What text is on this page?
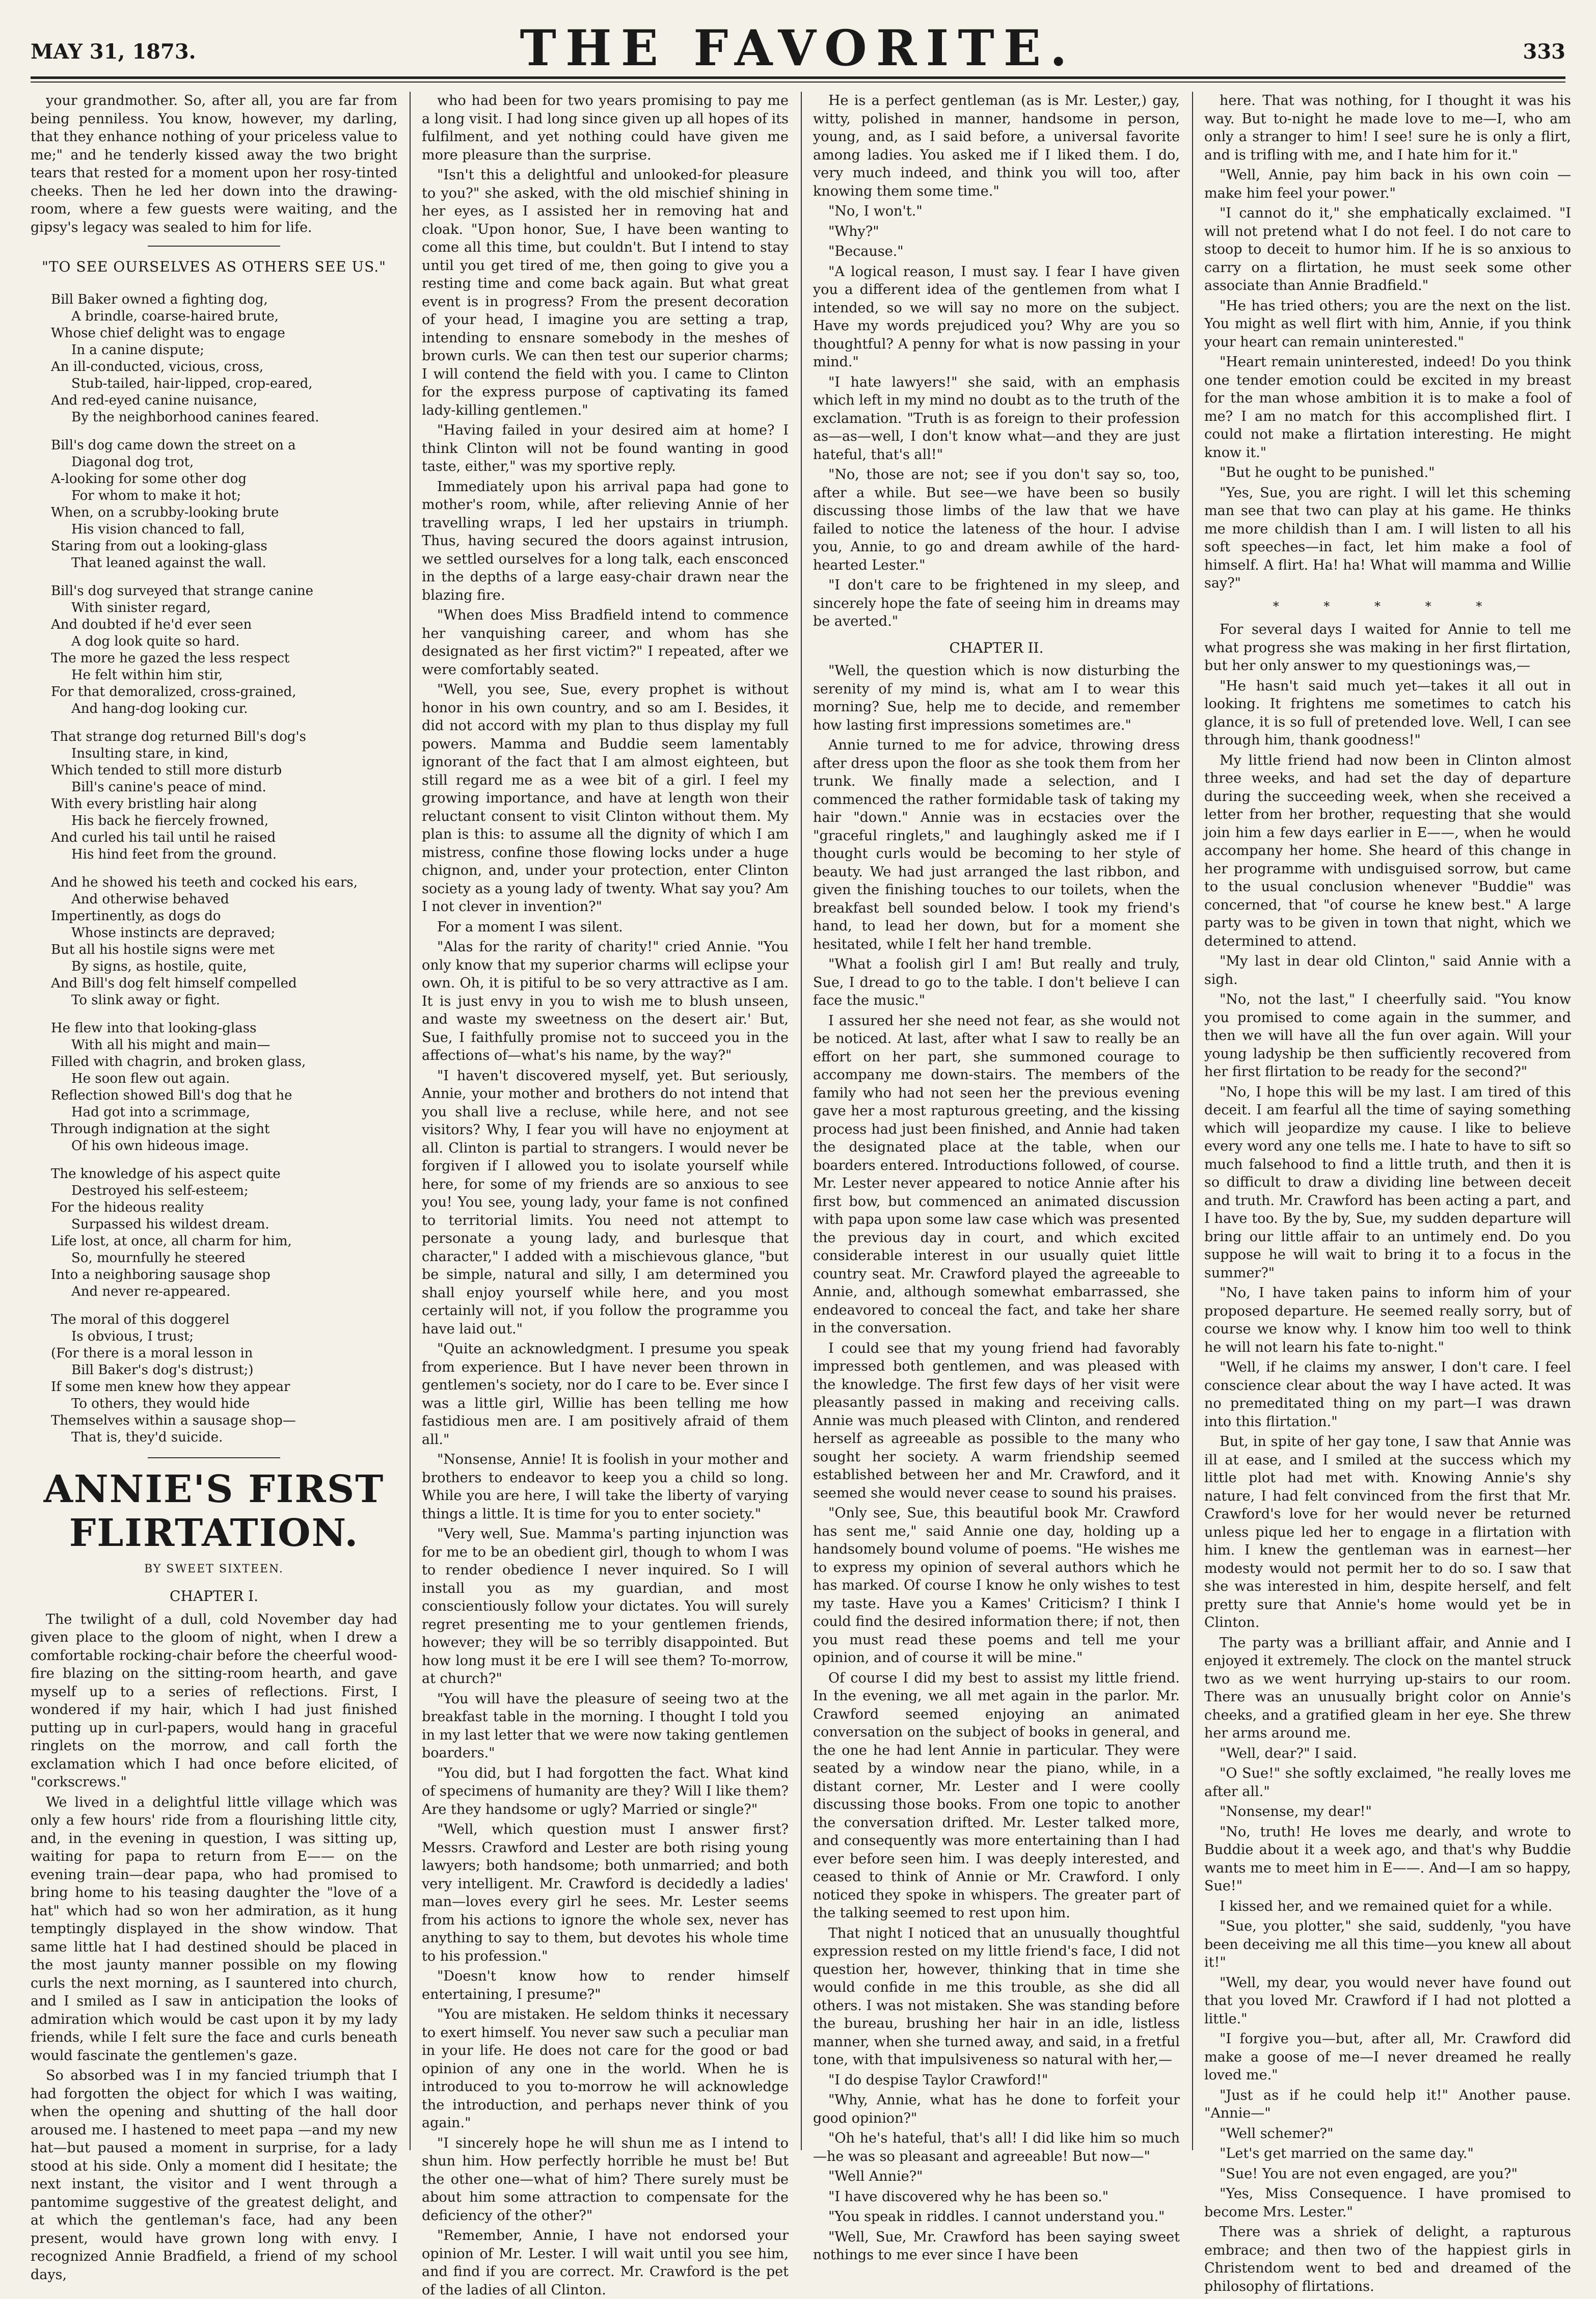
MAY 31, 1873.	THE FAVORITE.	333

your grandmother. So, after all, you are far from being penniless. You know, however, my darling, that they enhance nothing of your priceless value to me;" and he tenderly kissed away the two bright tears that rested for a moment upon her rosy-tinted cheeks. Then he led her down into the drawing-room, where a few guests were waiting, and the gipsy's legacy was sealed to him for life.

"TO SEE OURSELVES AS OTHERS SEE US."
Bill Baker owned a fighting dog,
A brindle, coarse-haired brute,
Whose chief delight was to engage
In a canine dispute;
An ill-conducted, vicious, cross,
Stub-tailed, hair-lipped, crop-eared,
And red-eyed canine nuisance,
By the neighborhood canines feared.
Bill's dog came down the street on a
Diagonal dog trot,
A-looking for some other dog
For whom to make it hot;
When, on a scrubby-looking brute
His vision chanced to fall,
Staring from out a looking-glass
That leaned against the wall.
Bill's dog surveyed that strange canine
With sinister regard,
And doubted if he'd ever seen
A dog look quite so hard.
The more he gazed the less respect
He felt within him stir,
For that demoralized, cross-grained,
And hang-dog looking cur.
That strange dog returned Bill's dog's
Insulting stare, in kind,
Which tended to still more disturb
Bill's canine's peace of mind.
With every bristling hair along
His back he fiercely frowned,
And curled his tail until he raised
His hind feet from the ground.
And he showed his teeth and cocked his ears,
And otherwise behaved
Impertinently, as dogs do
Whose instincts are depraved;
But all his hostile signs were met
By signs, as hostile, quite,
And Bill's dog felt himself compelled
To slink away or fight.
He flew into that looking-glass
With all his might and main—
Filled with chagrin, and broken glass,
He soon flew out again.
Reflection showed Bill's dog that he
Had got into a scrimmage,
Through indignation at the sight
Of his own hideous image.
The knowledge of his aspect quite
Destroyed his self-esteem;
For the hideous reality
Surpassed his wildest dream.
Life lost, at once, all charm for him,
So, mournfully he steered
Into a neighboring sausage shop
And never re-appeared.
The moral of this doggerel
Is obvious, I trust;
(For there is a moral lesson in
Bill Baker's dog's distrust;)
If some men knew how they appear
To others, they would hide
Themselves within a sausage shop—
That is, they'd suicide.
ANNIE'S FIRST FLIRTATION.
BY SWEET SIXTEEN.
CHAPTER I.

The twilight of a dull, cold November day had given place to the gloom of night, when I drew a comfortable rocking-chair before the cheerful wood-fire blazing on the sitting-room hearth, and gave myself up to a series of reflections. First, I wondered if my hair, which I had just finished putting up in curl-papers, would hang in graceful ringlets on the morrow, and call forth the exclamation which I had once before elicited, of "corkscrews."

We lived in a delightful little village which was only a few hours' ride from a flourishing little city, and, in the evening in question, I was sitting up, waiting for papa to return from E—— on the evening train—dear papa, who had promised to bring home to his teasing daughter the "love of a hat" which had so won her admiration, as it hung temptingly displayed in the show window. That same little hat I had destined should be placed in the most jaunty manner possible on my flowing curls the next morning, as I sauntered into church, and I smiled as I saw in anticipation the looks of admiration which would be cast upon it by my lady friends, while I felt sure the face and curls beneath would fascinate the gentlemen's gaze.

So absorbed was I in my fancied triumph that I had forgotten the object for which I was waiting, when the opening and shutting of the hall door aroused me. I hastened to meet papa —and my new hat—but paused a moment in surprise, for a lady stood at his side. Only a moment did I hesitate; the next instant, the visitor and I went through a pantomime suggestive of the greatest delight, and at which the gentleman's face, had any been present, would have grown long with envy. I recognized Annie Bradfield, a friend of my school days,

who had been for two years promising to pay me a long visit. I had long since given up all hopes of its fulfilment, and yet nothing could have given me more pleasure than the surprise.

"Isn't this a delightful and unlooked-for pleasure to you?" she asked, with the old mischief shining in her eyes, as I assisted her in removing hat and cloak. "Upon honor, Sue, I have been wanting to come all this time, but couldn't. But I intend to stay until you get tired of me, then going to give you a resting time and come back again. But what great event is in progress? From the present decoration of your head, I imagine you are setting a trap, intending to ensnare somebody in the meshes of brown curls. We can then test our superior charms; I will contend the field with you. I came to Clinton for the express purpose of captivating its famed lady-killing gentlemen."

"Having failed in your desired aim at home? I think Clinton will not be found wanting in good taste, either," was my sportive reply.

Immediately upon his arrival papa had gone to mother's room, while, after relieving Annie of her travelling wraps, I led her upstairs in triumph. Thus, having secured the doors against intrusion, we settled ourselves for a long talk, each ensconced in the depths of a large easy-chair drawn near the blazing fire.

"When does Miss Bradfield intend to commence her vanquishing career, and whom has she designated as her first victim?" I repeated, after we were comfortably seated.

"Well, you see, Sue, every prophet is without honor in his own country, and so am I. Besides, it did not accord with my plan to thus display my full powers. Mamma and Buddie seem lamentably ignorant of the fact that I am almost eighteen, but still regard me as a wee bit of a girl. I feel my growing importance, and have at length won their reluctant consent to visit Clinton without them. My plan is this: to assume all the dignity of which I am mistress, confine those flowing locks under a huge chignon, and, under your protection, enter Clinton society as a young lady of twenty. What say you? Am I not clever in invention?"

For a moment I was silent.

"Alas for the rarity of charity!" cried Annie. "You only know that my superior charms will eclipse your own. Oh, it is pitiful to be so very attractive as I am. It is just envy in you to wish me to blush unseen, and waste my sweetness on the desert air.' But, Sue, I faithfully promise not to succeed you in the affections of—what's his name, by the way?"

"I haven't discovered myself, yet. But seriously, Annie, your mother and brothers do not intend that you shall live a recluse, while here, and not see visitors? Why, I fear you will have no enjoyment at all. Clinton is partial to strangers. I would never be forgiven if I allowed you to isolate yourself while here, for some of my friends are so anxious to see you! You see, young lady, your fame is not confined to territorial limits. You need not attempt to personate a young lady, and burlesque that character," I added with a mischievous glance, "but be simple, natural and silly, I am determined you shall enjoy yourself while here, and you most certainly will not, if you follow the programme you have laid out."

"Quite an acknowledgment. I presume you speak from experience. But I have never been thrown in gentlemen's society, nor do I care to be. Ever since I was a little girl, Willie has been telling me how fastidious men are. I am positively afraid of them all."

"Nonsense, Annie! It is foolish in your mother and brothers to endeavor to keep you a child so long. While you are here, I will take the liberty of varying things a little. It is time for you to enter society."

"Very well, Sue. Mamma's parting injunction was for me to be an obedient girl, though to whom I was to render obedience I never inquired. So I will install you as my guardian, and most conscientiously follow your dictates. You will surely regret presenting me to your gentlemen friends, however; they will be so terribly disappointed. But how long must it be ere I will see them? To-morrow, at church?"

"You will have the pleasure of seeing two at the breakfast table in the morning. I thought I told you in my last letter that we were now taking gentlemen boarders."

"You did, but I had forgotten the fact. What kind of specimens of humanity are they? Will I like them? Are they handsome or ugly? Married or single?"

"Well, which question must I answer first? Messrs. Crawford and Lester are both rising young lawyers; both handsome; both unmarried; and both very intelligent. Mr. Crawford is decidedly a ladies' man—loves every girl he sees. Mr. Lester seems from his actions to ignore the whole sex, never has anything to say to them, but devotes his whole time to his profession."

"Doesn't know how to render himself entertaining, I presume?"

"You are mistaken. He seldom thinks it necessary to exert himself. You never saw such a peculiar man in your life. He does not care for the good or bad opinion of any one in the world. When he is introduced to you to-morrow he will acknowledge the introduction, and perhaps never think of you again."

"I sincerely hope he will shun me as I intend to shun him. How perfectly horrible he must be! But the other one—what of him? There surely must be about him some attraction to compensate for the deficiency of the other?"

"Remember, Annie, I have not endorsed your opinion of Mr. Lester. I will wait until you see him, and find if you are correct. Mr. Crawford is the pet of the ladies of all Clinton.

He is a perfect gentleman (as is Mr. Lester,) gay, witty, polished in manner, handsome in person, young, and, as I said before, a universal favorite among ladies. You asked me if I liked them. I do, very much indeed, and think you will too, after knowing them some time."

"No, I won't."

"Why?"

"Because."

"A logical reason, I must say. I fear I have given you a different idea of the gentlemen from what I intended, so we will say no more on the subject. Have my words prejudiced you? Why are you so thoughtful? A penny for what is now passing in your mind."

"I hate lawyers!" she said, with an emphasis which left in my mind no doubt as to the truth of the exclamation. "Truth is as foreign to their profession as—as—well, I don't know what—and they are just hateful, that's all!"

"No, those are not; see if you don't say so, too, after a while. But see—we have been so busily discussing those limbs of the law that we have failed to notice the lateness of the hour. I advise you, Annie, to go and dream awhile of the hard-hearted Lester."

"I don't care to be frightened in my sleep, and sincerely hope the fate of seeing him in dreams may be averted."

CHAPTER II.

"Well, the question which is now disturbing the serenity of my mind is, what am I to wear this morning? Sue, help me to decide, and remember how lasting first impressions sometimes are."

Annie turned to me for advice, throwing dress after dress upon the floor as she took them from her trunk. We finally made a selection, and I commenced the rather formidable task of taking my hair "down." Annie was in ecstacies over the "graceful ringlets," and laughingly asked me if I thought curls would be becoming to her style of beauty. We had just arranged the last ribbon, and given the finishing touches to our toilets, when the breakfast bell sounded below. I took my friend's hand, to lead her down, but for a moment she hesitated, while I felt her hand tremble.

"What a foolish girl I am! But really and truly, Sue, I dread to go to the table. I don't believe I can face the music."

I assured her she need not fear, as she would not be noticed. At last, after what I saw to really be an effort on her part, she summoned courage to accompany me down-stairs. The members of the family who had not seen her the previous evening gave her a most rapturous greeting, and the kissing process had just been finished, and Annie had taken the designated place at the table, when our boarders entered. Introductions followed, of course. Mr. Lester never appeared to notice Annie after his first bow, but commenced an animated discussion with papa upon some law case which was presented the previous day in court, and which excited considerable interest in our usually quiet little country seat. Mr. Crawford played the agreeable to Annie, and, although somewhat embarrassed, she endeavored to conceal the fact, and take her share in the conversation.

I could see that my young friend had favorably impressed both gentlemen, and was pleased with the knowledge. The first few days of her visit were pleasantly passed in making and receiving calls. Annie was much pleased with Clinton, and rendered herself as agreeable as possible to the many who sought her society. A warm friendship seemed established between her and Mr. Crawford, and it seemed she would never cease to sound his praises.

"Only see, Sue, this beautiful book Mr. Crawford has sent me," said Annie one day, holding up a handsomely bound volume of poems. "He wishes me to express my opinion of several authors which he has marked. Of course I know he only wishes to test my taste. Have you a Kames' Criticism? I think I could find the desired information there; if not, then you must read these poems and tell me your opinion, and of course it will be mine."

Of course I did my best to assist my little friend. In the evening, we all met again in the parlor. Mr. Crawford seemed enjoying an animated conversation on the subject of books in general, and the one he had lent Annie in particular. They were seated by a window near the piano, while, in a distant corner, Mr. Lester and I were coolly discussing those books. From one topic to another the conversation drifted. Mr. Lester talked more, and consequently was more entertaining than I had ever before seen him. I was deeply interested, and ceased to think of Annie or Mr. Crawford. I only noticed they spoke in whispers. The greater part of the talking seemed to rest upon him.

That night I noticed that an unusually thoughtful expression rested on my little friend's face, I did not question her, however, thinking that in time she would confide in me this trouble, as she did all others. I was not mistaken. She was standing before the bureau, brushing her hair in an idle, listless manner, when she turned away, and said, in a fretful tone, with that impulsiveness so natural with her,—

"I do despise Taylor Crawford!"

"Why, Annie, what has he done to forfeit your good opinion?"

"Oh he's hateful, that's all! I did like him so much—he was so pleasant and agreeable! But now—"

"Well Annie?"

"I have discovered why he has been so."

"You speak in riddles. I cannot understand you."

"Well, Sue, Mr. Crawford has been saying sweet nothings to me ever since I have been

here. That was nothing, for I thought it was his way. But to-night he made love to me—I, who am only a stranger to him! I see! sure he is only a flirt, and is trifling with me, and I hate him for it."

"Well, Annie, pay him back in his own coin —make him feel your power."

"I cannot do it," she emphatically exclaimed. "I will not pretend what I do not feel. I do not care to stoop to deceit to humor him. If he is so anxious to carry on a flirtation, he must seek some other associate than Annie Bradfield."

"He has tried others; you are the next on the list. You might as well flirt with him, Annie, if you think your heart can remain uninterested."

"Heart remain uninterested, indeed! Do you think one tender emotion could be excited in my breast for the man whose ambition it is to make a fool of me? I am no match for this accomplished flirt. I could not make a flirtation interesting. He might know it."

"But he ought to be punished."

"Yes, Sue, you are right. I will let this scheming man see that two can play at his game. He thinks me more childish than I am. I will listen to all his soft speeches—in fact, let him make a fool of himself. A flirt. Ha! ha! What will mamma and Willie say?"

* * * * *

For several days I waited for Annie to tell me what progress she was making in her first flirtation, but her only answer to my questionings was,—

"He hasn't said much yet—takes it all out in looking. It frightens me sometimes to catch his glance, it is so full of pretended love. Well, I can see through him, thank goodness!"

My little friend had now been in Clinton almost three weeks, and had set the day of departure during the succeeding week, when she received a letter from her brother, requesting that she would join him a few days earlier in E——, when he would accompany her home. She heard of this change in her programme with undisguised sorrow, but came to the usual conclusion whenever "Buddie" was concerned, that "of course he knew best." A large party was to be given in town that night, which we determined to attend.

"My last in dear old Clinton," said Annie with a sigh.

"No, not the last," I cheerfully said. "You know you promised to come again in the summer, and then we will have all the fun over again. Will your young ladyship be then sufficiently recovered from her first flirtation to be ready for the second?"

"No, I hope this will be my last. I am tired of this deceit. I am fearful all the time of saying something which will jeopardize my cause. I like to believe every word any one tells me. I hate to have to sift so much falsehood to find a little truth, and then it is so difficult to draw a dividing line between deceit and truth. Mr. Crawford has been acting a part, and I have too. By the by, Sue, my sudden departure will bring our little affair to an untimely end. Do you suppose he will wait to bring it to a focus in the summer?"

"No, I have taken pains to inform him of your proposed departure. He seemed really sorry, but of course we know why. I know him too well to think he will not learn his fate to-night."

"Well, if he claims my answer, I don't care. I feel conscience clear about the way I have acted. It was no premeditated thing on my part—I was drawn into this flirtation."

But, in spite of her gay tone, I saw that Annie was ill at ease, and I smiled at the success which my little plot had met with. Knowing Annie's shy nature, I had felt convinced from the first that Mr. Crawford's love for her would never be returned unless pique led her to engage in a flirtation with him. I knew the gentleman was in earnest—her modesty would not permit her to do so. I saw that she was interested in him, despite herself, and felt pretty sure that Annie's home would yet be in Clinton.

The party was a brilliant affair, and Annie and I enjoyed it extremely. The clock on the mantel struck two as we went hurrying up-stairs to our room. There was an unusually bright color on Annie's cheeks, and a gratified gleam in her eye. She threw her arms around me.

"Well, dear?" I said.

"O Sue!" she softly exclaimed, "he really loves me after all."

"Nonsense, my dear!"

"No, truth! He loves me dearly, and wrote to Buddie about it a week ago, and that's why Buddie wants me to meet him in E——. And—I am so happy, Sue!"

I kissed her, and we remained quiet for a while.

"Sue, you plotter," she said, suddenly, "you have been deceiving me all this time—you knew all about it!"

"Well, my dear, you would never have found out that you loved Mr. Crawford if I had not plotted a little."

"I forgive you—but, after all, Mr. Crawford did make a goose of me—I never dreamed he really loved me."

"Just as if he could help it!" Another pause. "Annie—"

"Well schemer?"

"Let's get married on the same day."

"Sue! You are not even engaged, are you?"

"Yes, Miss Consequence. I have promised to become Mrs. Lester."

There was a shriek of delight, a rapturous embrace; and then two of the happiest girls in Christendom went to bed and dreamed of the philosophy of flirtations.
